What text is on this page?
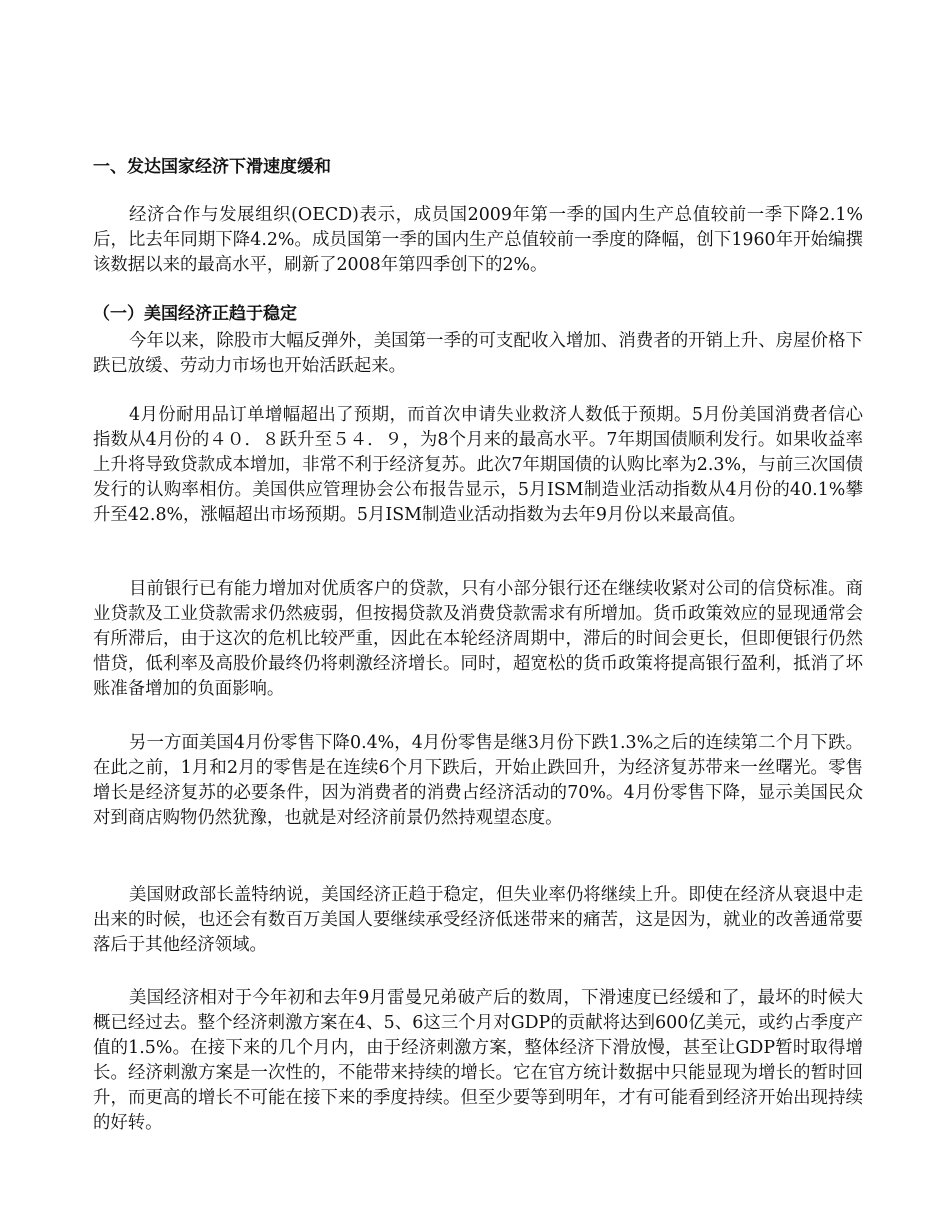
一、发达国家经济下滑速度缓和

经济合作与发展组织(OECD)表示，成员国2009年第一季的国内生产总值较前一季下降2.1%后，比去年同期下降4.2%。成员国第一季的国内生产总值较前一季度的降幅，创下1960年开始编撰该数据以来的最高水平，刷新了2008年第四季创下的2%。

（一）美国经济正趋于稳定

今年以来，除股市大幅反弹外，美国第一季的可支配收入增加、消费者的开销上升、房屋价格下跌已放缓、劳动力市场也开始活跃起来。

4月份耐用品订单增幅超出了预期，而首次申请失业救济人数低于预期。5月份美国消费者信心指数从4月份的４０．８跃升至５４．９，为8个月来的最高水平。7年期国债顺利发行。如果收益率上升将导致贷款成本增加，非常不利于经济复苏。此次7年期国债的认购比率为2.3%，与前三次国债发行的认购率相仿。美国供应管理协会公布报告显示，5月ISM制造业活动指数从4月份的40.1%攀升至42.8%，涨幅超出市场预期。5月ISM制造业活动指数为去年9月份以来最高值。

目前银行已有能力增加对优质客户的贷款，只有小部分银行还在继续收紧对公司的信贷标准。商业贷款及工业贷款需求仍然疲弱，但按揭贷款及消费贷款需求有所增加。货币政策效应的显现通常会有所滞后，由于这次的危机比较严重，因此在本轮经济周期中，滞后的时间会更长，但即便银行仍然惜贷，低利率及高股价最终仍将刺激经济增长。同时，超宽松的货币政策将提高银行盈利，抵消了坏账准备增加的负面影响。

另一方面美国4月份零售下降0.4%，4月份零售是继3月份下跌1.3%之后的连续第二个月下跌。在此之前，1月和2月的零售是在连续6个月下跌后，开始止跌回升，为经济复苏带来一丝曙光。零售增长是经济复苏的必要条件，因为消费者的消费占经济活动的70%。4月份零售下降，显示美国民众对到商店购物仍然犹豫，也就是对经济前景仍然持观望态度。

美国财政部长盖特纳说，美国经济正趋于稳定，但失业率仍将继续上升。即使在经济从衰退中走出来的时候，也还会有数百万美国人要继续承受经济低迷带来的痛苦，这是因为，就业的改善通常要落后于其他经济领域。

美国经济相对于今年初和去年9月雷曼兄弟破产后的数周，下滑速度已经缓和了，最坏的时候大概已经过去。整个经济刺激方案在4、5、6这三个月对GDP的贡献将达到600亿美元，或约占季度产值的1.5%。在接下来的几个月内，由于经济刺激方案，整体经济下滑放慢，甚至让GDP暂时取得增长。经济刺激方案是一次性的，不能带来持续的增长。它在官方统计数据中只能显现为增长的暂时回升，而更高的增长不可能在接下来的季度持续。但至少要等到明年，才有可能看到经济开始出现持续的好转。
